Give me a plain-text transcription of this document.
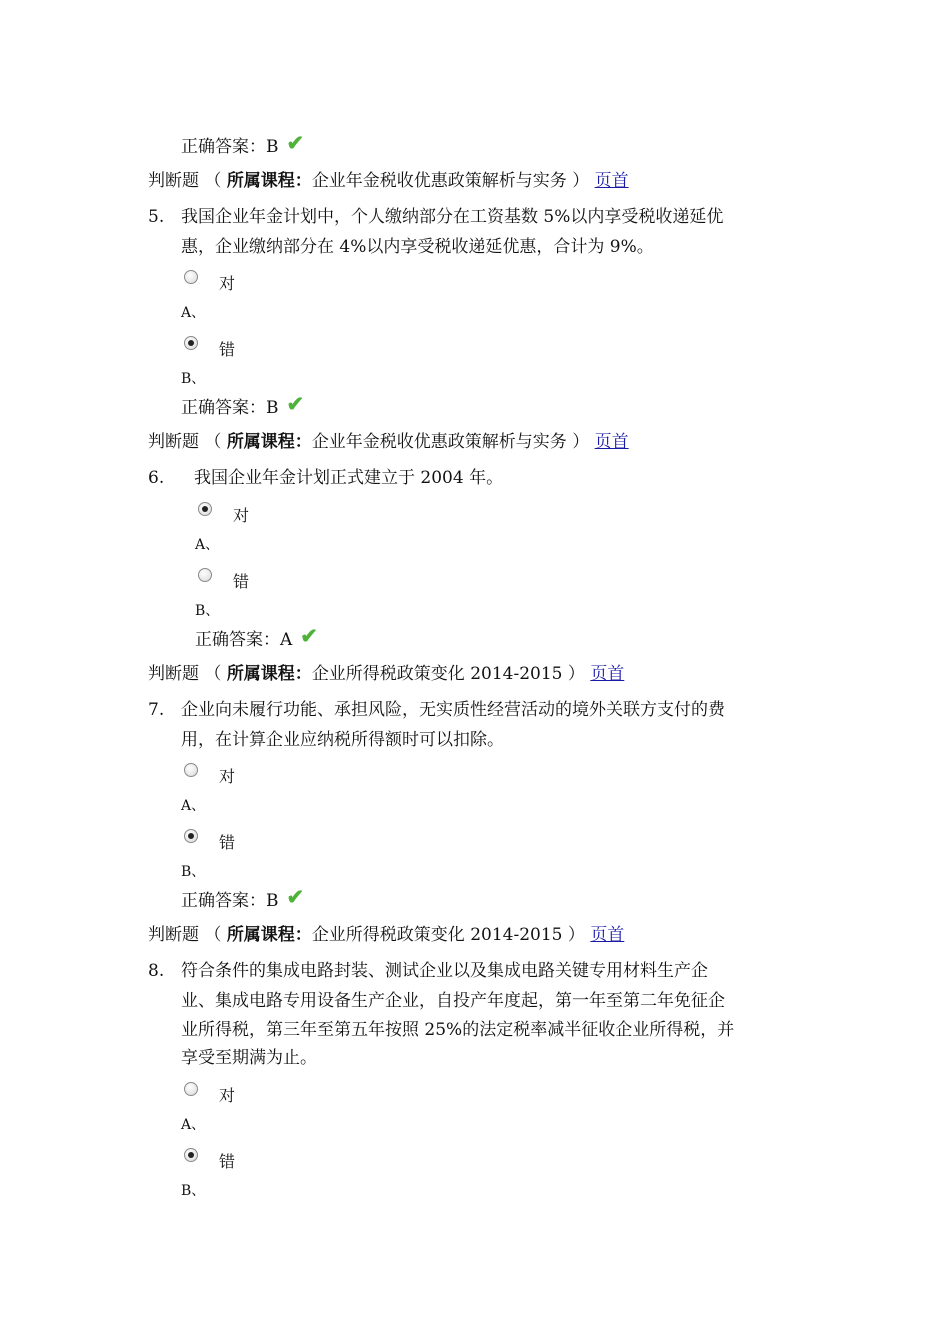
正确答案：B ✔
判断题 （ 所属课程：企业年金税收优惠政策解析与实务 ） 页首
5. 我国企业年金计划中，个人缴纳部分在工资基数 5%以内享受税收递延优
惠，企业缴纳部分在 4%以内享受税收递延优惠，合计为 9%。
对
A、
错
B、
正确答案：B ✔
判断题 （ 所属课程：企业年金税收优惠政策解析与实务 ） 页首
6. 我国企业年金计划正式建立于 2004 年。
对
A、
错
B、
正确答案：A ✔
判断题 （ 所属课程：企业所得税政策变化 2014-2015 ） 页首
7. 企业向未履行功能、承担风险，无实质性经营活动的境外关联方支付的费
用，在计算企业应纳税所得额时可以扣除。
对
A、
错
B、
正确答案：B ✔
判断题 （ 所属课程：企业所得税政策变化 2014-2015 ） 页首
8. 符合条件的集成电路封装、测试企业以及集成电路关键专用材料生产企
业、集成电路专用设备生产企业，自投产年度起，第一年至第二年免征企
业所得税，第三年至第五年按照 25%的法定税率减半征收企业所得税，并
享受至期满为止。
对
A、
错
B、
